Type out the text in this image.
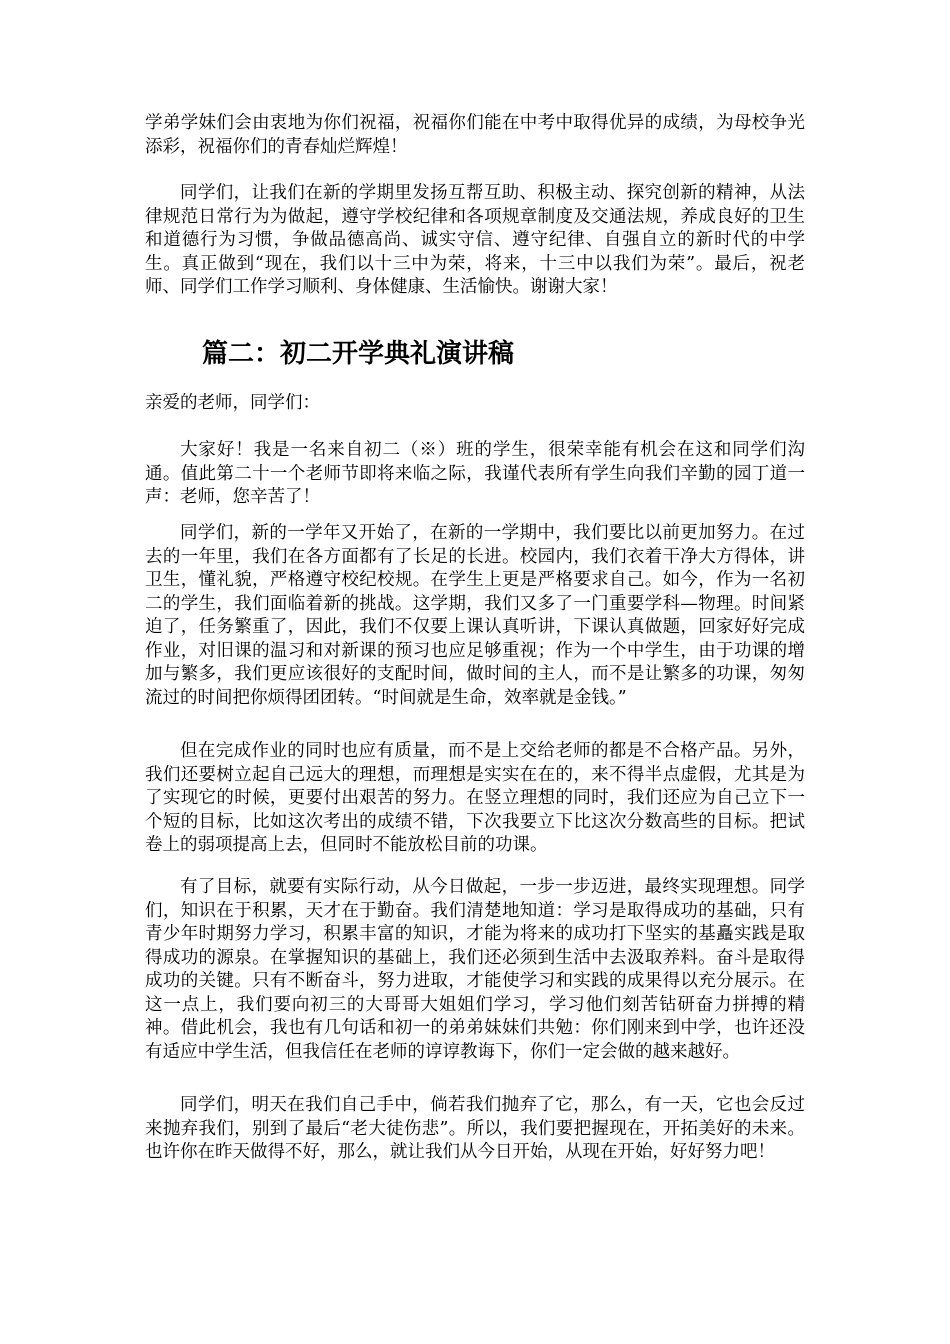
学弟学妹们会由衷地为你们祝福，祝福你们能在中考中取得优异的成绩，为母校争光添彩，祝福你们的青春灿烂辉煌！

同学们，让我们在新的学期里发扬互帮互助、积极主动、探究创新的精神，从法律规范日常行为为做起，遵守学校纪律和各项规章制度及交通法规，养成良好的卫生和道德行为习惯，争做品德高尚、诚实守信、遵守纪律、自强自立的新时代的中学生。真正做到“现在，我们以十三中为荣，将来，十三中以我们为荣”。最后，祝老师、同学们工作学习顺利、身体健康、生活愉快。谢谢大家！

篇二：初二开学典礼演讲稿

亲爱的老师，同学们：

大家好！我是一名来自初二（※）班的学生，很荣幸能有机会在这和同学们沟通。值此第二十一个老师节即将来临之际，我谨代表所有学生向我们辛勤的园丁道一声：老师，您辛苦了！

同学们，新的一学年又开始了，在新的一学期中，我们要比以前更加努力。在过去的一年里，我们在各方面都有了长足的长进。校园内，我们衣着干净大方得体，讲卫生，懂礼貌，严格遵守校纪校规。在学生上更是严格要求自己。如今，作为一名初二的学生，我们面临着新的挑战。这学期，我们又多了一门重要学科—物理。时间紧迫了，任务繁重了，因此，我们不仅要上课认真听讲，下课认真做题，回家好好完成作业，对旧课的温习和对新课的预习也应足够重视；作为一个中学生，由于功课的增加与繁多，我们更应该很好的支配时间，做时间的主人，而不是让繁多的功课，匆匆流过的时间把你烦得团团转。“时间就是生命，效率就是金钱。”

但在完成作业的同时也应有质量，而不是上交给老师的都是不合格产品。另外，我们还要树立起自己远大的理想，而理想是实实在在的，来不得半点虚假，尤其是为了实现它的时候，更要付出艰苦的努力。在竖立理想的同时，我们还应为自己立下一个短的目标，比如这次考出的成绩不错，下次我要立下比这次分数高些的目标。把试卷上的弱项提高上去，但同时不能放松目前的功课。

有了目标，就要有实际行动，从今日做起，一步一步迈进，最终实现理想。同学们，知识在于积累，天才在于勤奋。我们清楚地知道：学习是取得成功的基础，只有青少年时期努力学习，积累丰富的知识，才能为将来的成功打下坚实的基矗实践是取得成功的源泉。在掌握知识的基础上，我们还必须到生活中去汲取养料。奋斗是取得成功的关键。只有不断奋斗，努力进取，才能使学习和实践的成果得以充分展示。在这一点上，我们要向初三的大哥哥大姐姐们学习，学习他们刻苦钻研奋力拼搏的精神。借此机会，我也有几句话和初一的弟弟妹妹们共勉：你们刚来到中学，也许还没有适应中学生活，但我信任在老师的谆谆教诲下，你们一定会做的越来越好。

同学们，明天在我们自己手中，倘若我们抛弃了它，那么，有一天，它也会反过来抛弃我们，别到了最后“老大徒伤悲”。所以，我们要把握现在，开拓美好的未来。也许你在昨天做得不好，那么，就让我们从今日开始，从现在开始，好好努力吧！
